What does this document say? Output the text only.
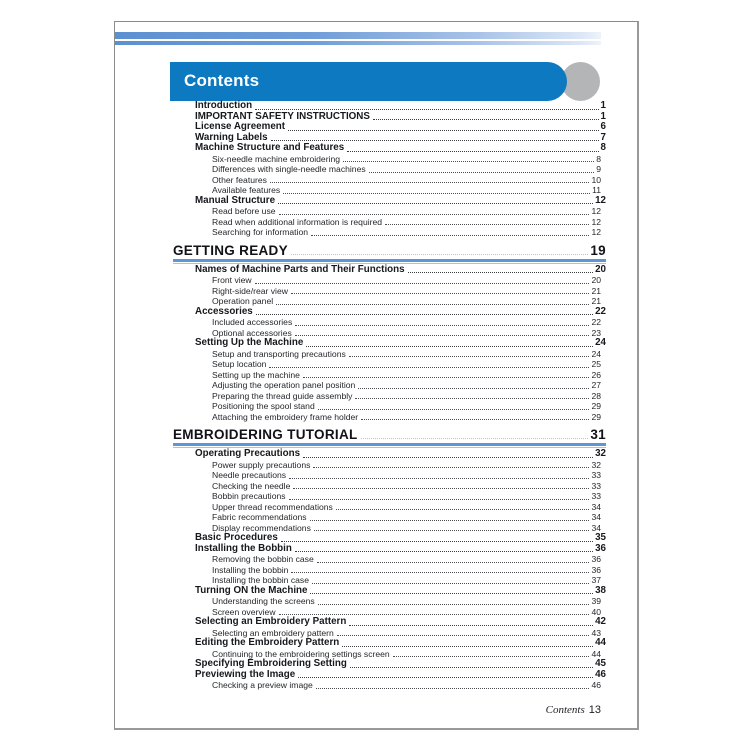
Contents
Introduction	1
IMPORTANT SAFETY INSTRUCTIONS	1
License Agreement	6
Warning Labels	7
Machine Structure and Features	8
Six-needle machine embroidering	8
Differences with single-needle machines	9
Other features	10
Available features	11
Manual Structure	12
Read before use	12
Read when additional information is required	12
Searching for information	12
GETTING READY	19
Names of Machine Parts and Their Functions	20
Front view	20
Right-side/rear view	21
Operation panel	21
Accessories	22
Included accessories	22
Optional accessories	23
Setting Up the Machine	24
Setup and transporting precautions	24
Setup location	25
Setting up the machine	26
Adjusting the operation panel position	27
Preparing the thread guide assembly	28
Positioning the spool stand	29
Attaching the embroidery frame holder	29
EMBROIDERING TUTORIAL	31
Operating Precautions	32
Power supply precautions	32
Needle precautions	33
Checking the needle	33
Bobbin precautions	33
Upper thread recommendations	34
Fabric recommendations	34
Display recommendations	34
Basic Procedures	35
Installing the Bobbin	36
Removing the bobbin case	36
Installing the bobbin	36
Installing the bobbin case	37
Turning ON the Machine	38
Understanding the screens	39
Screen overview	40
Selecting an Embroidery Pattern	42
Selecting an embroidery pattern	43
Editing the Embroidery Pattern	44
Continuing to the embroidering settings screen	44
Specifying Embroidering Setting	45
Previewing the Image	46
Checking a preview image	46
Contents 13
